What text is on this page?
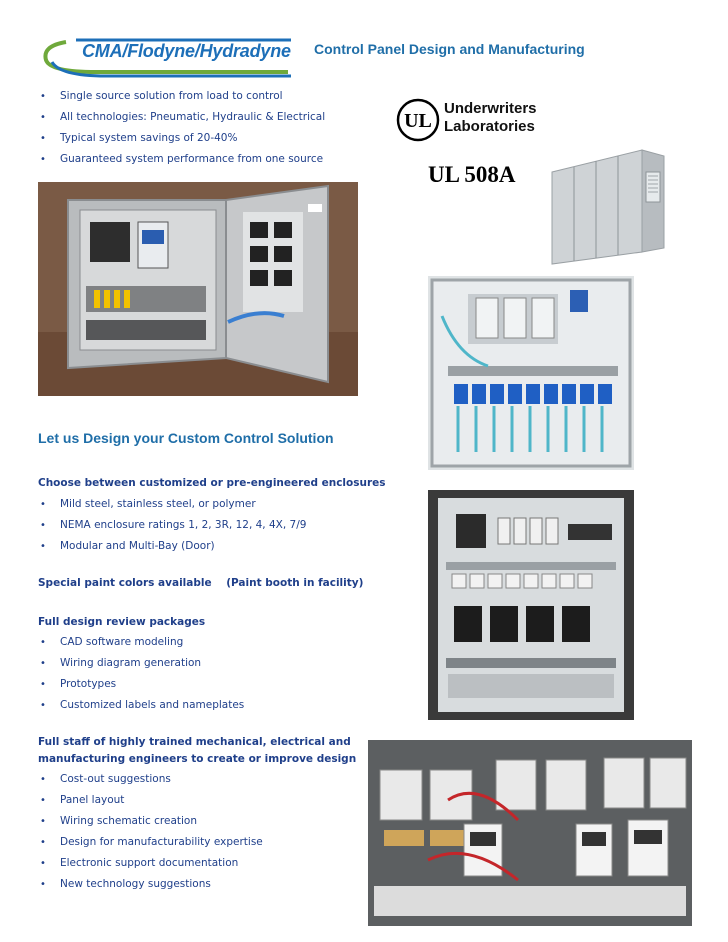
CMA/Flodyne/Hydradyne Control Panel Design and Manufacturing
• Single source solution from load to control
• All technologies: Pneumatic, Hydraulic & Electrical
• Typical system savings of 20-40%
• Guaranteed system performance from one source
UL
Underwriters
Laboratories
UL 508A
Let us Design your Custom Control Solution
Choose between customized or pre-engineered enclosures
• Mild steel, stainless steel, or polymer
• NEMA enclosure ratings 1, 2, 3R, 12, 4, 4X, 7/9
• Modular and Multi-Bay (Door)
Special paint colors available    (Paint booth in facility)
Full design review packages
• CAD software modeling
• Wiring diagram generation
• Prototypes
• Customized labels and nameplates
Full staff of highly trained mechanical, electrical and
manufacturing engineers to create or improve design
• Cost-out suggestions
• Panel layout
• Wiring schematic creation
• Design for manufacturability expertise
• Electronic support documentation
• New technology suggestions
